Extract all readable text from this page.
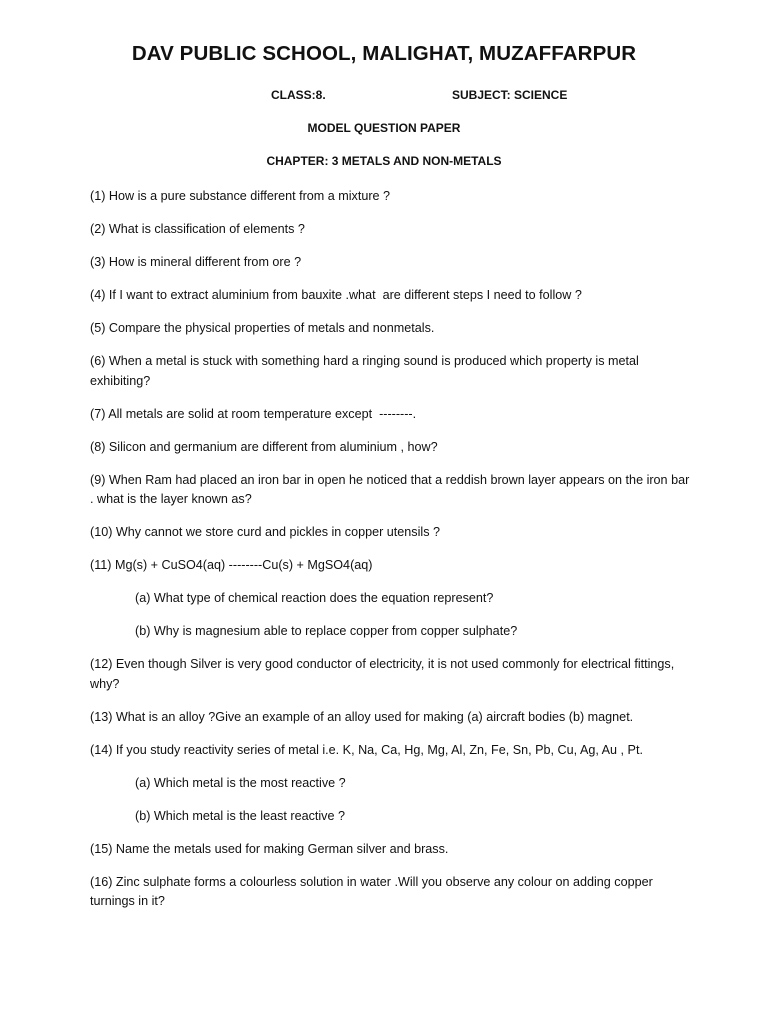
DAV PUBLIC SCHOOL, MALIGHAT, MUZAFFARPUR
CLASS:8.	SUBJECT: SCIENCE
MODEL QUESTION PAPER
CHAPTER: 3 METALS AND NON-METALS

(1) How is a pure substance different from a mixture ?

(2) What is classification of elements ?

(3) How is mineral different from ore ?

(4) If I want to extract aluminium from bauxite .what  are different steps I need to follow ?

(5) Compare the physical properties of metals and nonmetals.

(6) When a metal is stuck with something hard a ringing sound is produced which property is metal exhibiting?

(7) All metals are solid at room temperature except  --------.

(8) Silicon and germanium are different from aluminium , how?

(9) When Ram had placed an iron bar in open he noticed that a reddish brown layer appears on the iron bar . what is the layer known as?

(10) Why cannot we store curd and pickles in copper utensils ?

(11) Mg(s) + CuSO4(aq) --------Cu(s) + MgSO4(aq)

(a) What type of chemical reaction does the equation represent?

(b) Why is magnesium able to replace copper from copper sulphate?

(12) Even though Silver is very good conductor of electricity, it is not used commonly for electrical fittings, why?

(13) What is an alloy ?Give an example of an alloy used for making (a) aircraft bodies (b) magnet.

(14) If you study reactivity series of metal i.e. K, Na, Ca, Hg, Mg, Al, Zn, Fe, Sn, Pb, Cu, Ag, Au , Pt.

(a) Which metal is the most reactive ?

(b) Which metal is the least reactive ?

(15) Name the metals used for making German silver and brass.

(16) Zinc sulphate forms a colourless solution in water .Will you observe any colour on adding copper turnings in it?
